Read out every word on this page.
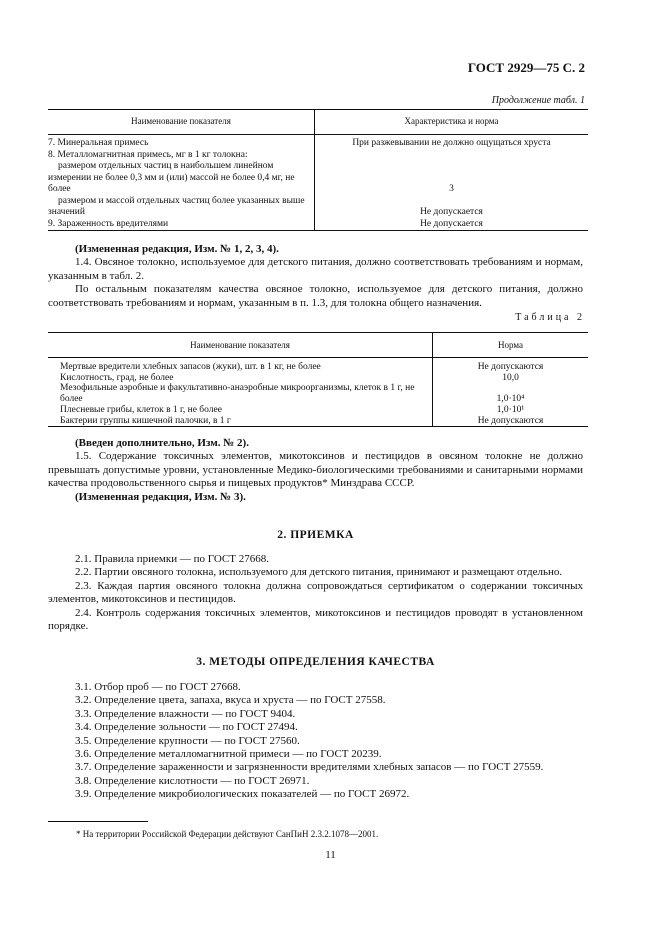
ГОСТ 2929—75 С. 2
Продолжение табл. 1
Наименование показателя	Характеристика и норма
7. Минеральная примесь	При разжевывании не должно ощущаться хруста
8. Металломагнитная примесь, мг в 1 кг толокна:	
размером отдельных частиц в наибольшем линейном измерении не более 0,3 мм и (или) массой не более 0,4 мг, не более	3
размером и массой отдельных частиц более указанных выше значений	Не допускается
9. Зараженность вредителями	Не допускается
(Измененная редакция, Изм. № 1, 2, 3, 4).
1.4. Овсяное толокно, используемое для детского питания, должно соответствовать требованиям и нормам, указанным в табл. 2.
По остальным показателям качества овсяное толокно, используемое для детского питания, должно соответствовать требованиям и нормам, указанным в п. 1.3, для толокна общего назначения.
Таблица 2
Наименование показателя	Норма
Мертвые вредители хлебных запасов (жуки), шт. в 1 кг, не более	Не допускаются
Кислотность, град, не более	10,0
Мезофильные аэробные и факультативно-анаэробные микроорганизмы, клеток в 1 г, не более	1,0·10⁴
Плесневые грибы, клеток в 1 г, не более	1,0·10¹
Бактерии группы кишечной палочки, в 1 г	Не допускаются
(Введен дополнительно, Изм. № 2).
1.5. Содержание токсичных элементов, микотоксинов и пестицидов в овсяном толокне не должно превышать допустимые уровни, установленные Медико-биологическими требованиями и санитарными нормами качества продовольственного сырья и пищевых продуктов* Минздрава СССР.
(Измененная редакция, Изм. № 3).
2. ПРИЕМКА
2.1. Правила приемки — по ГОСТ 27668.
2.2. Партии овсяного толокна, используемого для детского питания, принимают и размещают отдельно.
2.3. Каждая партия овсяного толокна должна сопровождаться сертификатом о содержании токсичных элементов, микотоксинов и пестицидов.
2.4. Контроль содержания токсичных элементов, микотоксинов и пестицидов проводят в установленном порядке.
3. МЕТОДЫ ОПРЕДЕЛЕНИЯ КАЧЕСТВА
3.1. Отбор проб — по ГОСТ 27668.
3.2. Определение цвета, запаха, вкуса и хруста — по ГОСТ 27558.
3.3. Определение влажности — по ГОСТ 9404.
3.4. Определение зольности — по ГОСТ 27494.
3.5. Определение крупности — по ГОСТ 27560.
3.6. Определение металломагнитной примеси — по ГОСТ 20239.
3.7. Определение зараженности и загрязненности вредителями хлебных запасов — по ГОСТ 27559.
3.8. Определение кислотности — по ГОСТ 26971.
3.9. Определение микробиологических показателей — по ГОСТ 26972.
* На территории Российской Федерации действуют СанПиН 2.3.2.1078—2001.
11
